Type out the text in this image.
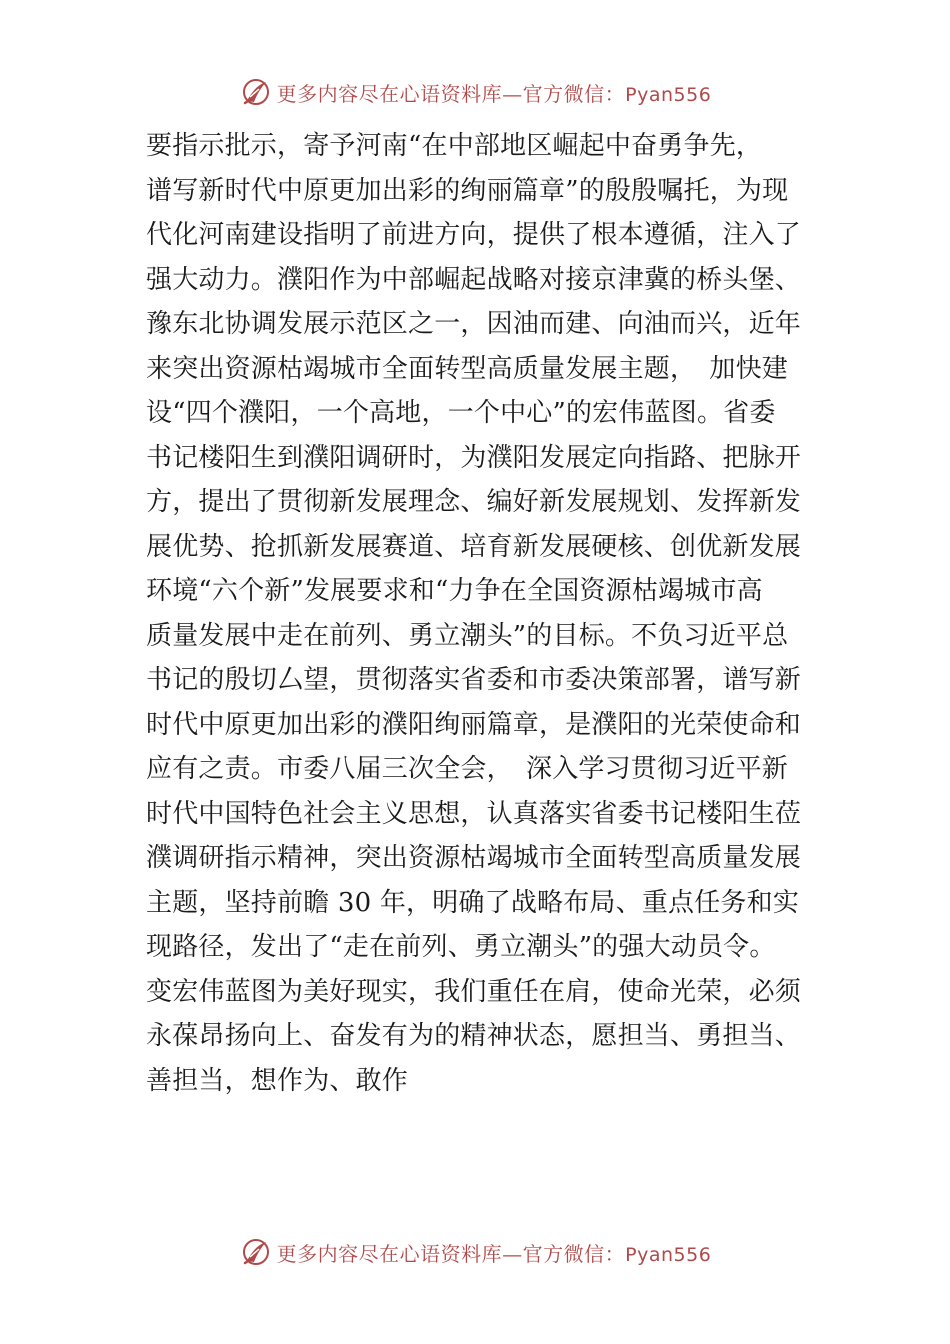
更多内容尽在心语资料库—官方微信：Pyan556
要指示批示，寄予河南“在中部地区崛起中奋勇争先，
谱写新时代中原更加出彩的绚丽篇章”的殷殷嘱托，为现
代化河南建设指明了前进方向，提供了根本遵循，注入了
强大动力。濮阳作为中部崛起战略对接京津冀的桥头堡、
豫东北协调发展示范区之一，因油而建、向油而兴，近年
来突出资源枯竭城市全面转型高质量发展主题，　加快建
设“四个濮阳，一个高地，一个中心”的宏伟蓝图。省委
书记楼阳生到濮阳调研时，为濮阳发展定向指路、把脉开
方，提出了贯彻新发展理念、编好新发展规划、发挥新发
展优势、抢抓新发展赛道、培育新发展硬核、创优新发展
环境“六个新”发展要求和“力争在全国资源枯竭城市高
质量发展中走在前列、勇立潮头”的目标。不负习近平总
书记的殷切厶望，贯彻落实省委和市委决策部署，谱写新
时代中原更加出彩的濮阳绚丽篇章，是濮阳的光荣使命和
应有之责。市委八届三次全会，　深入学习贯彻习近平新
时代中国特色社会主义思想，认真落实省委书记楼阳生莅
濮调研指示精神，突出资源枯竭城市全面转型高质量发展
主题，坚持前瞻 30 年，明确了战略布局、重点任务和实
现路径，发出了“走在前列、勇立潮头”的强大动员令。
变宏伟蓝图为美好现实，我们重任在肩，使命光荣，必须
永葆昂扬向上、奋发有为的精神状态，愿担当、勇担当、
善担当，想作为、敢作
更多内容尽在心语资料库—官方微信：Pyan556
